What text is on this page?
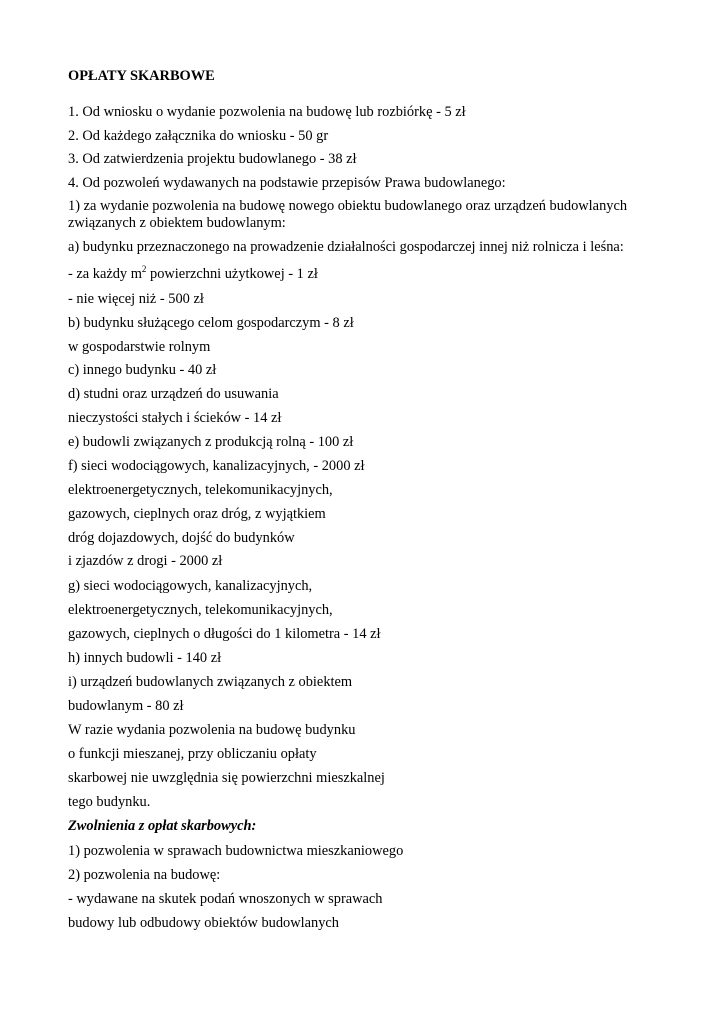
OPŁATY SKARBOWE
1. Od wniosku o wydanie pozwolenia na budowę lub rozbiórkę - 5 zł
2. Od każdego załącznika do wniosku - 50 gr
3. Od zatwierdzenia projektu budowlanego - 38 zł
4. Od pozwoleń wydawanych na podstawie przepisów Prawa budowlanego:
1) za wydanie pozwolenia na budowę nowego obiektu budowlanego oraz urządzeń budowlanych związanych z obiektem budowlanym:
a) budynku przeznaczonego na prowadzenie działalności gospodarczej innej niż rolnicza i leśna:
- za każdy $m^2$ powierzchni użytkowej - 1 zł
- nie więcej niż - 500 zł
b) budynku służącego celom gospodarczym - 8 zł
w gospodarstwie rolnym
c) innego budynku - 40 zł
d) studni oraz urządzeń do usuwania
nieczystości stałych i ścieków - 14 zł
e) budowli związanych z produkcją rolną - 100 zł
f) sieci wodociągowych, kanalizacyjnych, - 2000 zł
elektroenergetycznych, telekomunikacyjnych,
gazowych, cieplnych oraz dróg, z wyjątkiem
dróg dojazdowych, dojść do budynków
i zjazdów z drogi - 2000 zł
g) sieci wodociągowych, kanalizacyjnych,
elektroenergetycznych, telekomunikacyjnych,
gazowych, cieplnych o długości do 1 kilometra - 14 zł
h) innych budowli - 140 zł
i) urządzeń budowlanych związanych z obiektem
budowlanym - 80 zł
W razie wydania pozwolenia na budowę budynku
o funkcji mieszanej, przy obliczaniu opłaty
skarbowej nie uwzględnia się powierzchni mieszkalnej
tego budynku.
Zwolnienia z opłat skarbowych:
1) pozwolenia w sprawach budownictwa mieszkaniowego
2) pozwolenia na budowę:
- wydawane na skutek podań wnoszonych w sprawach
budowy lub odbudowy obiektów budowlanych
